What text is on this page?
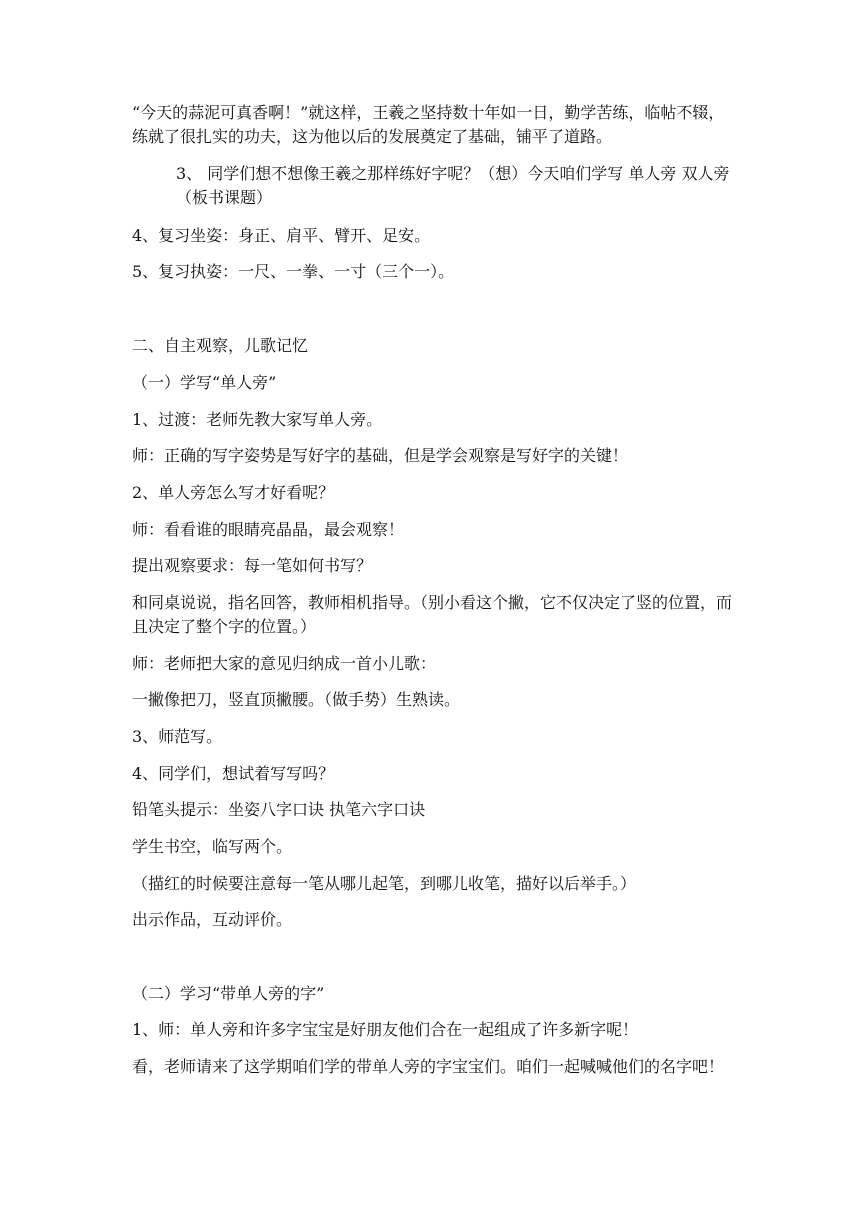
“今天的蒜泥可真香啊！”就这样，王羲之坚持数十年如一日，勤学苦练，临帖不辍，练就了很扎实的功夫，这为他以后的发展奠定了基础，铺平了道路。
3、 同学们想不想像王羲之那样练好字呢？（想）今天咱们学写 单人旁 双人旁（板书课题）
4、复习坐姿：身正、肩平、臂开、足安。
5、复习执姿：一尺、一拳、一寸（三个一）。
二、自主观察，儿歌记忆
（一）学写“单人旁”
1、过渡：老师先教大家写单人旁。
师：正确的写字姿势是写好字的基础，但是学会观察是写好字的关键！
2、单人旁怎么写才好看呢？
师：看看谁的眼睛亮晶晶，最会观察！
提出观察要求：每一笔如何书写？
和同桌说说，指名回答，教师相机指导。（别小看这个撇，它不仅决定了竖的位置，而且决定了整个字的位置。）
师：老师把大家的意见归纳成一首小儿歌：
一撇像把刀，竖直顶撇腰。（做手势）生熟读。
3、师范写。
4、同学们，想试着写写吗？
铅笔头提示：坐姿八字口诀 执笔六字口诀
学生书空，临写两个。
（描红的时候要注意每一笔从哪儿起笔，到哪儿收笔，描好以后举手。）
出示作品，互动评价。
（二）学习“带单人旁的字”
1、师：单人旁和许多字宝宝是好朋友他们合在一起组成了许多新字呢！
看，老师请来了这学期咱们学的带单人旁的字宝宝们。咱们一起喊喊他们的名字吧！
